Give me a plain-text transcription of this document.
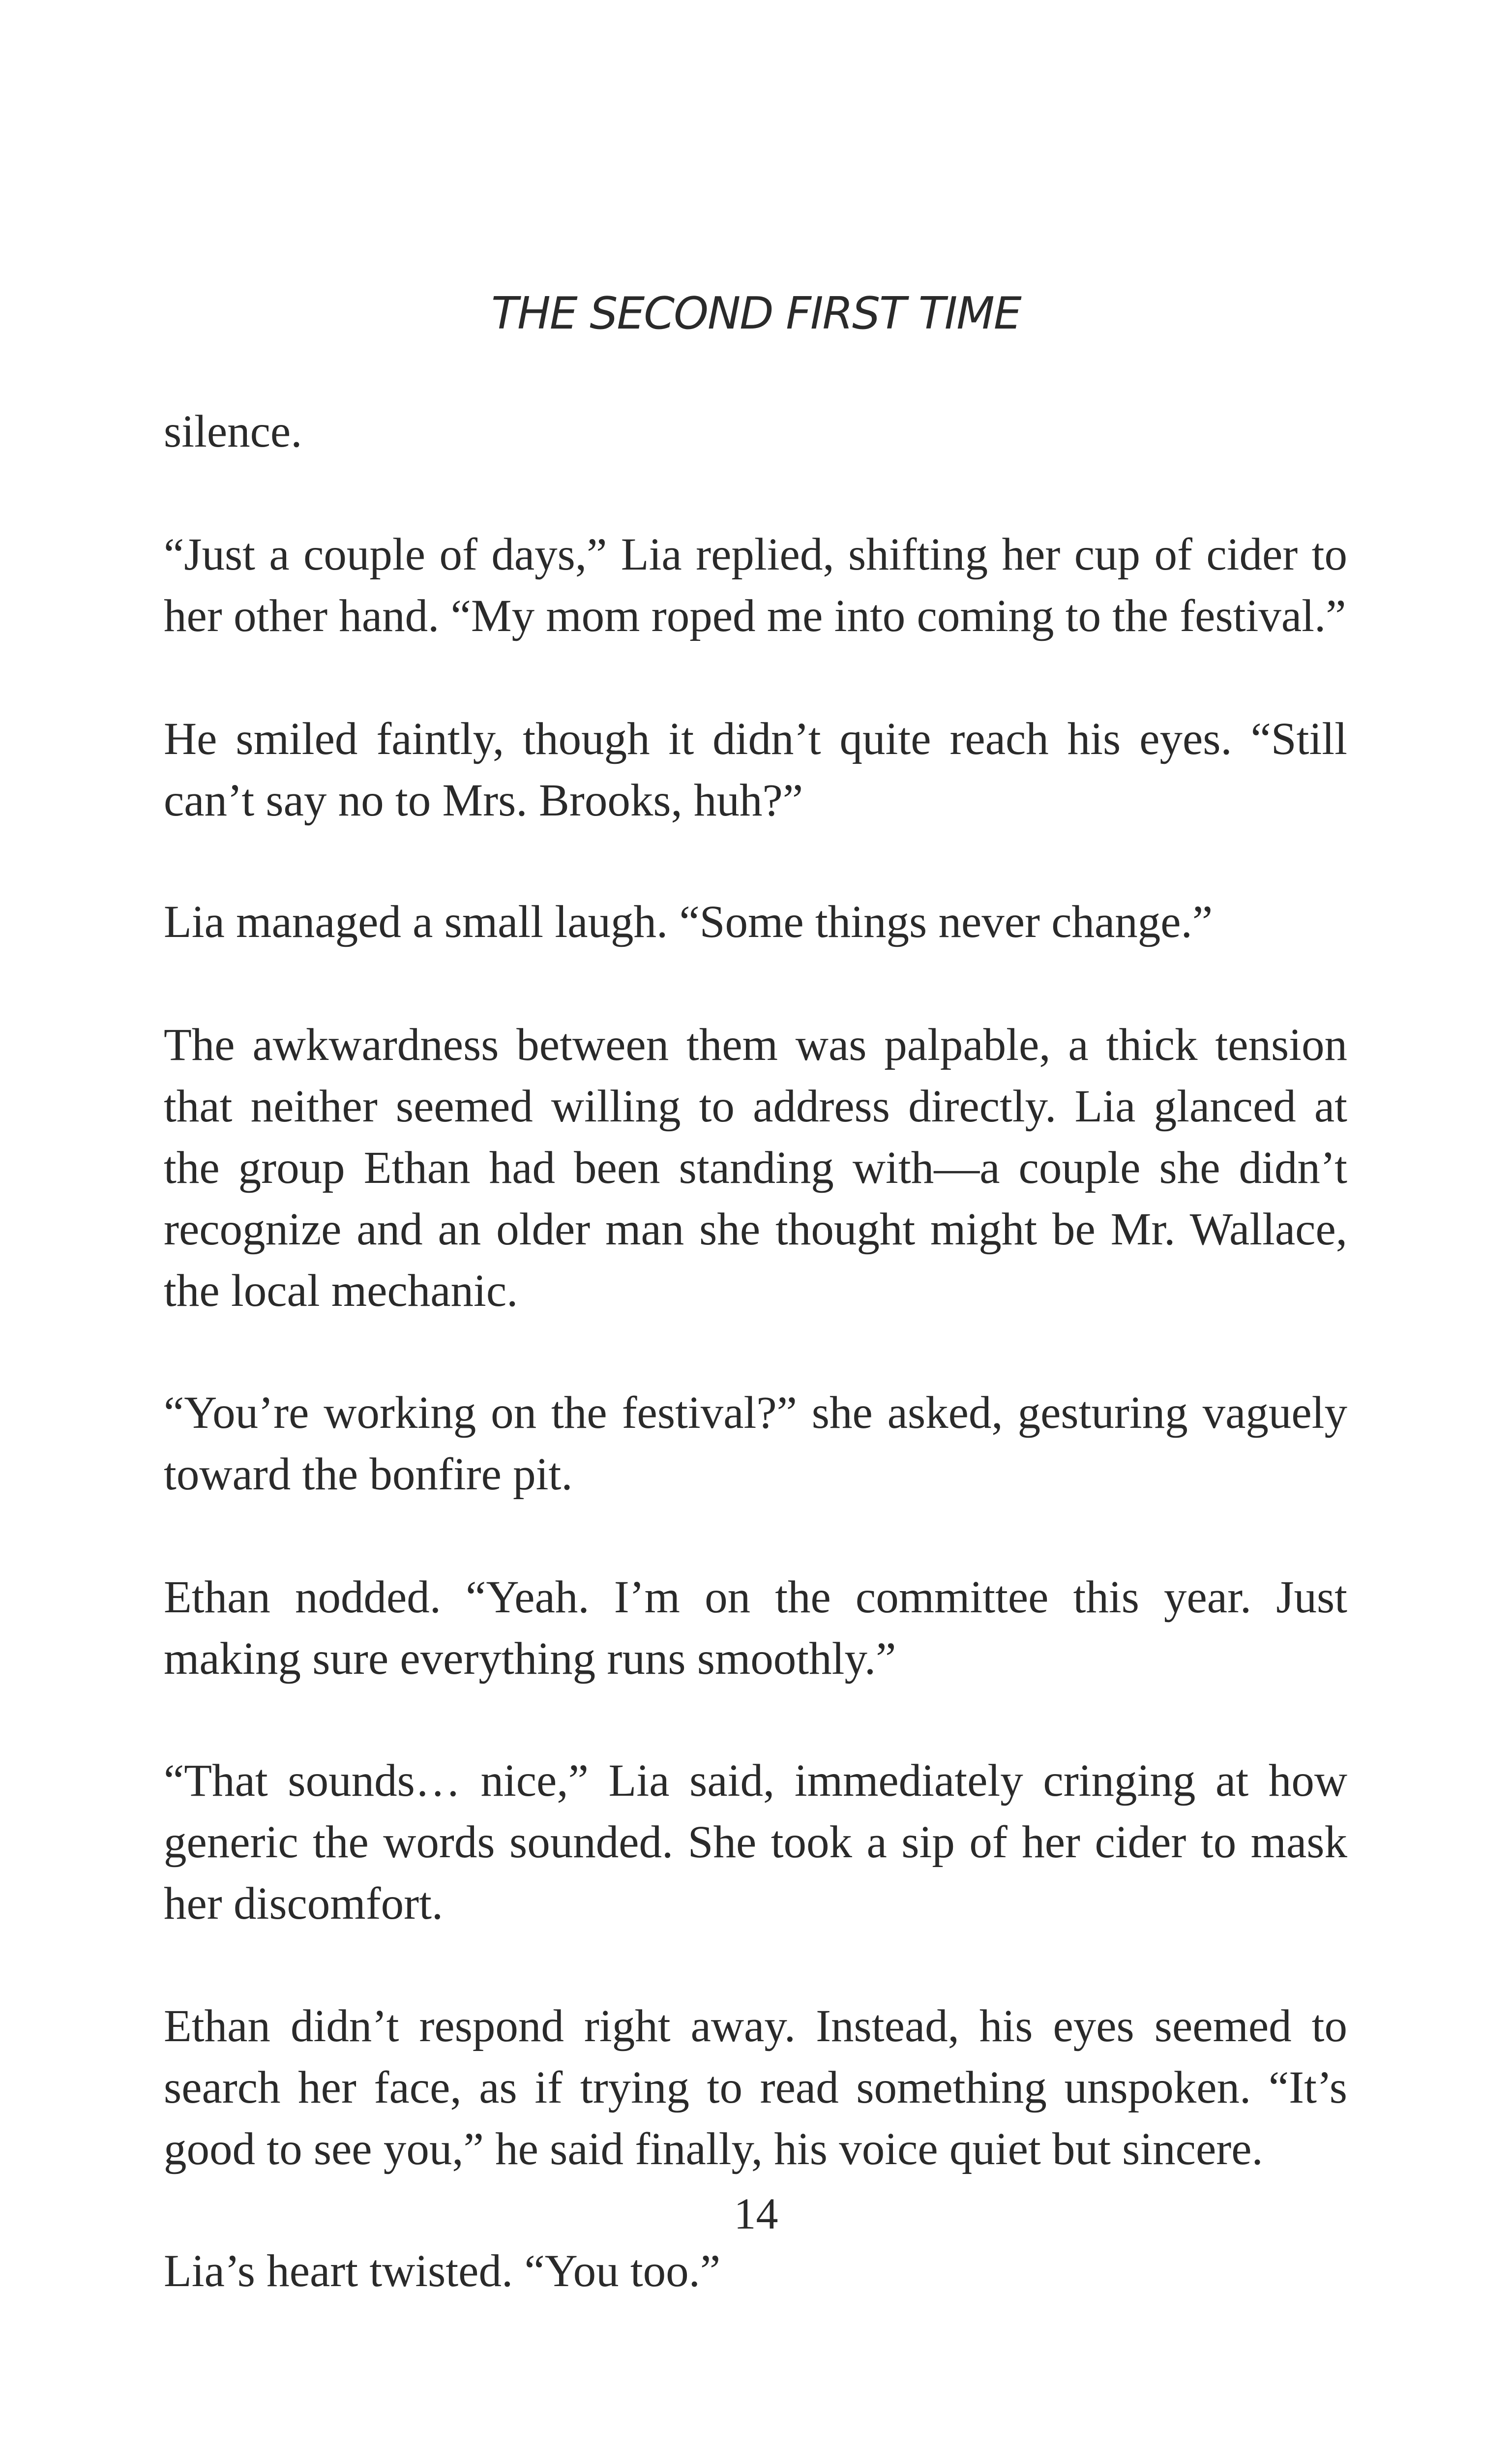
THE SECOND FIRST TIME
silence.
“Just a couple of days,” Lia replied, shifting her cup of cider to
her other hand. “My mom roped me into coming to the festival.”
He smiled faintly, though it didn’t quite reach his eyes. “Still
can’t say no to Mrs. Brooks, huh?”
Lia managed a small laugh. “Some things never change.”
The awkwardness between them was palpable, a thick tension
that neither seemed willing to address directly. Lia glanced at
the group Ethan had been standing with—a couple she didn’t
recognize and an older man she thought might be Mr. Wallace,
the local mechanic.
“You’re working on the festival?” she asked, gesturing vaguely
toward the bonfire pit.
Ethan nodded. “Yeah. I’m on the committee this year. Just
making sure everything runs smoothly.”
“That sounds… nice,” Lia said, immediately cringing at how
generic the words sounded. She took a sip of her cider to mask
her discomfort.
Ethan didn’t respond right away. Instead, his eyes seemed to
search her face, as if trying to read something unspoken. “It’s
good to see you,” he said finally, his voice quiet but sincere.
14
Lia’s heart twisted. “You too.”
